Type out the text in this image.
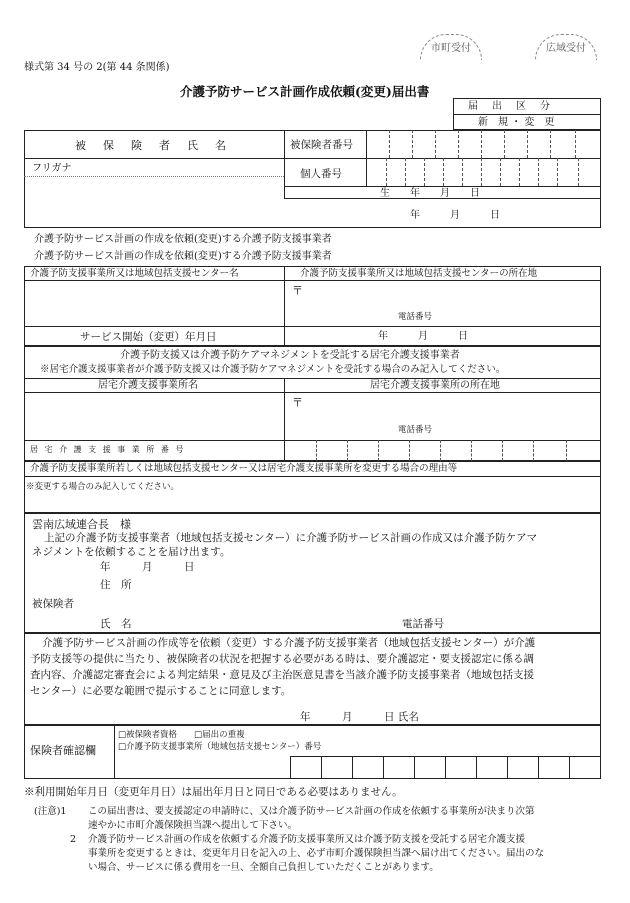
様式第 34 号の 2(第 44 条関係)
市町受付	広域受付
介護予防サービス計画作成依頼(変更)届出書
届　出　区　分
新　規 ・ 変　更
被　保　険　者　氏　名	被保険者番号
フリガナ	個人番号
生　　年　　月　　日
年　　　月　　　日
介護予防サービス計画の作成を依頼(変更)する介護予防支援事業者
介護予防サービス計画の作成を依頼(変更)する介護予防支援事業者
介護予防支援事業所又は地域包括支援センター名	介護予防支援事業所又は地域包括支援センターの所在地
〒
電話番号
サービス開始（変更）年月日	年　　　月　　　日
介護予防支援又は介護予防ケアマネジメントを受託する居宅介護支援事業者
※居宅介護支援事業者が介護予防支援又は介護予防ケアマネジメントを受託する場合のみ記入してください。
居宅介護支援事業所名	居宅介護支援事業所の所在地
〒
電話番号
居 宅 介 護 支 援 事 業 所 番 号
介護予防支援事業所若しくは地域包括支援センター又は居宅介護支援事業所を変更する場合の理由等
※変更する場合のみ記入してください。
雲南広域連合長　様
上記の介護予防支援事業者（地域包括支援センター）に介護予防サービス計画の作成又は介護予防ケアマ
ネジメントを依頼することを届け出ます。
年　　　月　　　日
住　所
被保険者
氏　名	電話番号
介護予防サービス計画の作成等を依頼（変更）する介護予防支援事業者（地域包括支援センター）が介護
予防支援等の提供に当たり、被保険者の状況を把握する必要がある時は、要介護認定・要支援認定に係る調
査内容、介護認定審査会による判定結果・意見及び主治医意見書を当該介護予防支援事業者（地域包括支援
センター）に必要な範囲で提示することに同意します。
年　　　月　　　日 氏名
保険者確認欄
□被保険者資格　　□届出の重複
□介護予防支援事業所（地域包括支援センター）番号
※利用開始年月日（変更年月日）は届出年月日と同日である必要はありません。
(注意)1 この届出書は、要支援認定の申請時に、又は介護予防サービス計画の作成を依頼する事業所が決まり次第
速やかに市町介護保険担当課へ提出して下さい。
2 介護予防サービス計画の作成を依頼する介護予防支援事業所又は介護予防支援を受託する居宅介護支援
事業所を変更するときは、変更年月日を記入の上、必ず市町介護保険担当課へ届け出てください。届出のな
い場合、サービスに係る費用を一旦、全額自己負担していただくことがあります。
